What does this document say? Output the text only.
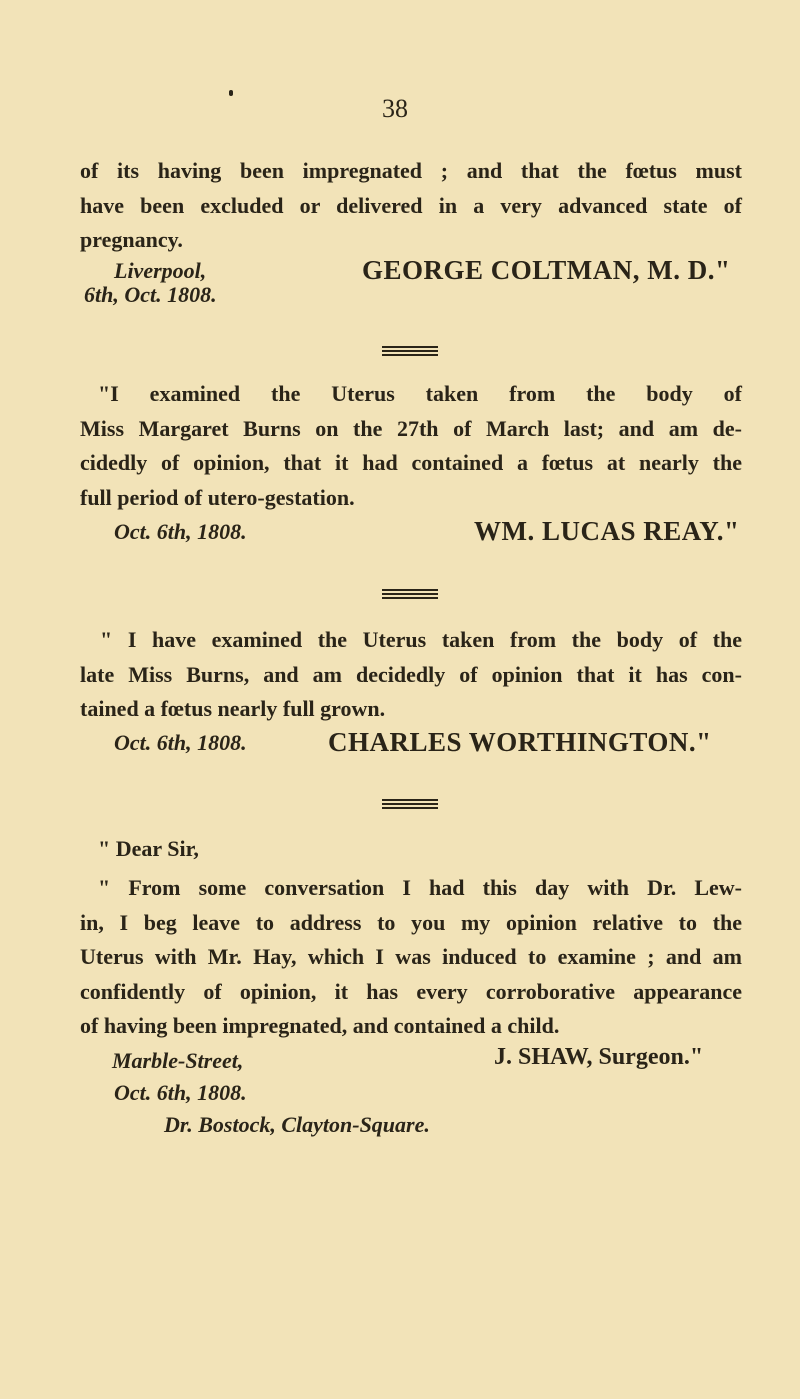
38
of its having been impregnated ; and that the fœtus must
have been excluded or delivered in a very advanced state of
pregnancy.
Liverpool,
6th, Oct. 1808.
GEORGE COLTMAN, M. D."
"I examined the Uterus taken from the body of
Miss Margaret Burns on the 27th of March last; and am de-
cidedly of opinion, that it had contained a fœtus at nearly the
full period of utero-gestation.
Oct. 6th, 1808.	WM. LUCAS REAY."
" I have examined the Uterus taken from the body of the
late Miss Burns, and am decidedly of opinion that it has con-
tained a fœtus nearly full grown.
Oct. 6th, 1808.	CHARLES WORTHINGTON."
" Dear Sir,
" From some conversation I had this day with Dr. Lew-
in, I beg leave to address to you my opinion relative to the
Uterus with Mr. Hay, which I was induced to examine ; and am
confidently of opinion, it has every corroborative appearance
of having been impregnated, and contained a child.
Marble-Street,	J. SHAW, Surgeon."
Oct. 6th, 1808.
Dr. Bostock, Clayton-Square.
